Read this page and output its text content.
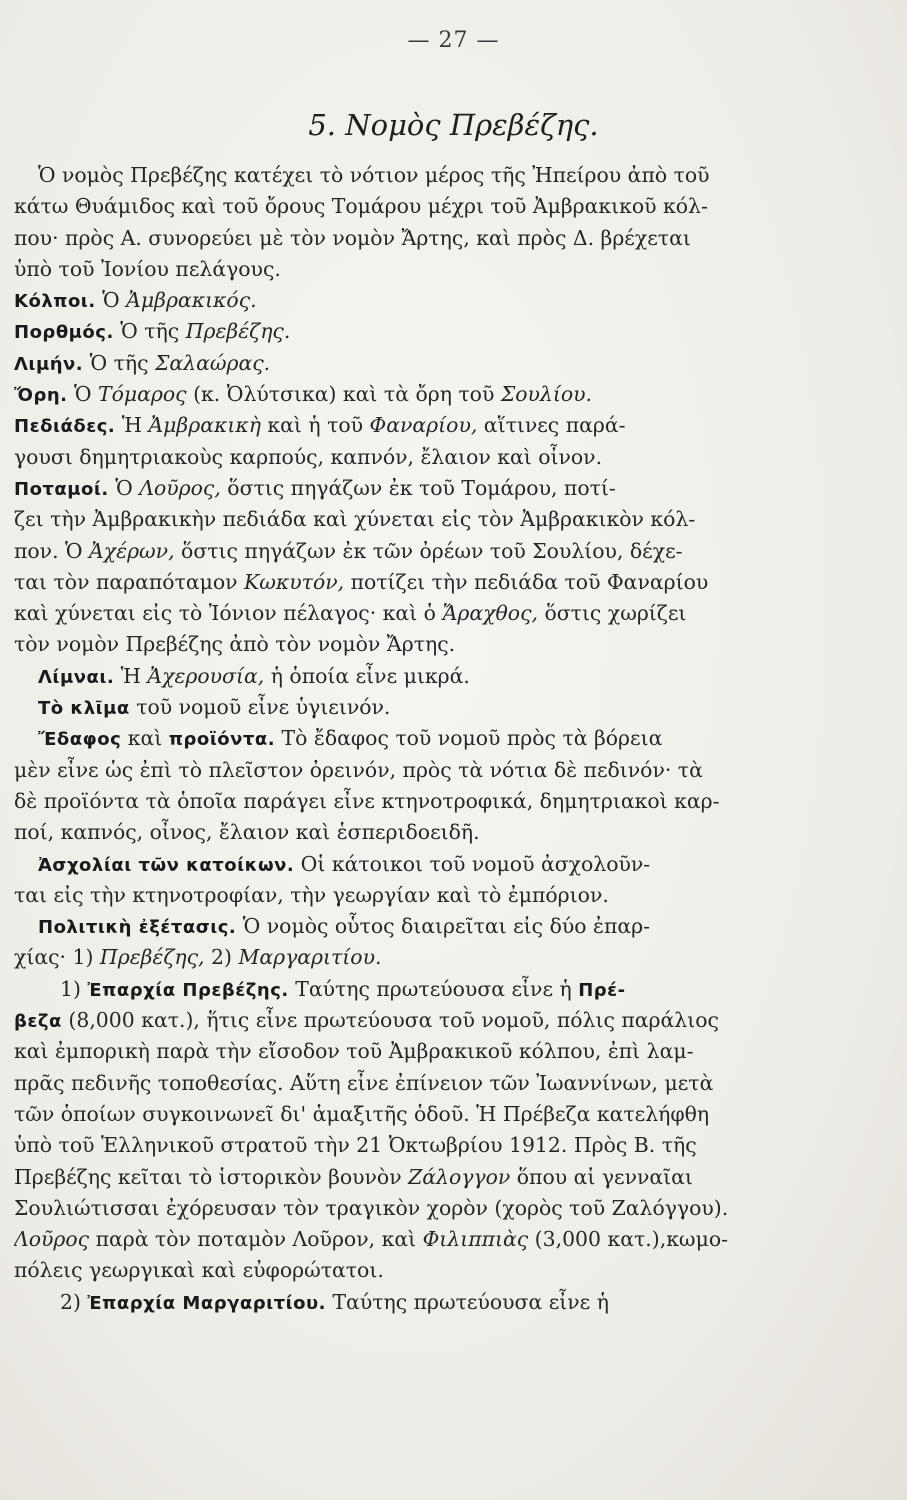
— 27 —
5. Νομὸς Πρεβέζης.
Ὁ νομὸς Πρεβέζης κατέχει τὸ νότιον μέρος τῆς Ἠπείρου ἀπὸ τοῦ
κάτω Θυάμιδος καὶ τοῦ ὄρους Τομάρου μέχρι τοῦ Ἀμβρακικοῦ κόλ-
που· πρὸς Α. συνορεύει μὲ τὸν νομὸν Ἄρτης, καὶ πρὸς Δ. βρέχεται
ὑπὸ τοῦ Ἰονίου πελάγους.
Κόλποι. Ὁ Ἀμβρακικός.
Πορθμός. Ὁ τῆς Πρεβέζης.
Λιμήν. Ὁ τῆς Σαλαώρας.
Ὄρη. Ὁ Τόμαρος (κ. Ὀλύτσικα) καὶ τὰ ὄρη τοῦ Σουλίου.
Πεδιάδες. Ἡ Ἀμβρακικὴ καὶ ἡ τοῦ Φαναρίου, αἵτινες παρά-
γουσι δημητριακοὺς καρπούς, καπνόν, ἔλαιον καὶ οἶνον.
Ποταμοί. Ὁ Λοῦρος, ὅστις πηγάζων ἐκ τοῦ Τομάρου, ποτί-
ζει τὴν Ἀμβρακικὴν πεδιάδα καὶ χύνεται εἰς τὸν Ἀμβρακικὸν κόλ-
πον. Ὁ Ἀχέρων, ὅστις πηγάζων ἐκ τῶν ὀρέων τοῦ Σουλίου, δέχε-
ται τὸν παραπόταμον Κωκυτόν, ποτίζει τὴν πεδιάδα τοῦ Φαναρίου
καὶ χύνεται εἰς τὸ Ἰόνιον πέλαγος· καὶ ὁ Ἄραχθος, ὅστις χωρίζει
τὸν νομὸν Πρεβέζης ἀπὸ τὸν νομὸν Ἄρτης.
Λίμναι. Ἡ Ἀχερουσία, ἡ ὁποία εἶνε μικρά.
Τὸ κλῖμα τοῦ νομοῦ εἶνε ὑγιεινόν.
Ἔδαφος καὶ προϊόντα. Τὸ ἔδαφος τοῦ νομοῦ πρὸς τὰ βόρεια
μὲν εἶνε ὡς ἐπὶ τὸ πλεῖστον ὀρεινόν, πρὸς τὰ νότια δὲ πεδινόν· τὰ
δὲ προϊόντα τὰ ὁποῖα παράγει εἶνε κτηνοτροφικά, δημητριακοὶ καρ-
ποί, καπνός, οἶνος, ἔλαιον καὶ ἑσπεριδοειδῆ.
Ἀσχολίαι τῶν κατοίκων. Οἱ κάτοικοι τοῦ νομοῦ ἀσχολοῦν-
ται εἰς τὴν κτηνοτροφίαν, τὴν γεωργίαν καὶ τὸ ἐμπόριον.
Πολιτικὴ ἐξέτασις. Ὁ νομὸς οὗτος διαιρεῖται εἰς δύο ἐπαρ-
χίας· 1) Πρεβέζης, 2) Μαργαριτίου.
1) Ἐπαρχία Πρεβέζης. Ταύτης πρωτεύουσα εἶνε ἡ Πρέ-
βεζα (8,000 κατ.), ἥτις εἶνε πρωτεύουσα τοῦ νομοῦ, πόλις παράλιος
καὶ ἐμπορικὴ παρὰ τὴν εἴσοδον τοῦ Ἀμβρακικοῦ κόλπου, ἐπὶ λαμ-
πρᾶς πεδινῆς τοποθεσίας. Αὕτη εἶνε ἐπίνειον τῶν Ἰωαννίνων, μετὰ
τῶν ὁποίων συγκοινωνεῖ δι' ἁμαξιτῆς ὁδοῦ. Ἡ Πρέβεζα κατελήφθη
ὑπὸ τοῦ Ἑλληνικοῦ στρατοῦ τὴν 21 Ὀκτωβρίου 1912. Πρὸς Β. τῆς
Πρεβέζης κεῖται τὸ ἱστορικὸν βουνὸν Ζάλογγον ὅπου αἱ γενναῖαι
Σουλιώτισσαι ἐχόρευσαν τὸν τραγικὸν χορὸν (χορὸς τοῦ Ζαλόγγου).
Λοῦρος παρὰ τὸν ποταμὸν Λοῦρον, καὶ Φιλιππιὰς (3,000 κατ.),κωμο-
πόλεις γεωργικαὶ καὶ εὐφορώτατοι.
2) Ἐπαρχία Μαργαριτίου. Ταύτης πρωτεύουσα εἶνε ἡ
